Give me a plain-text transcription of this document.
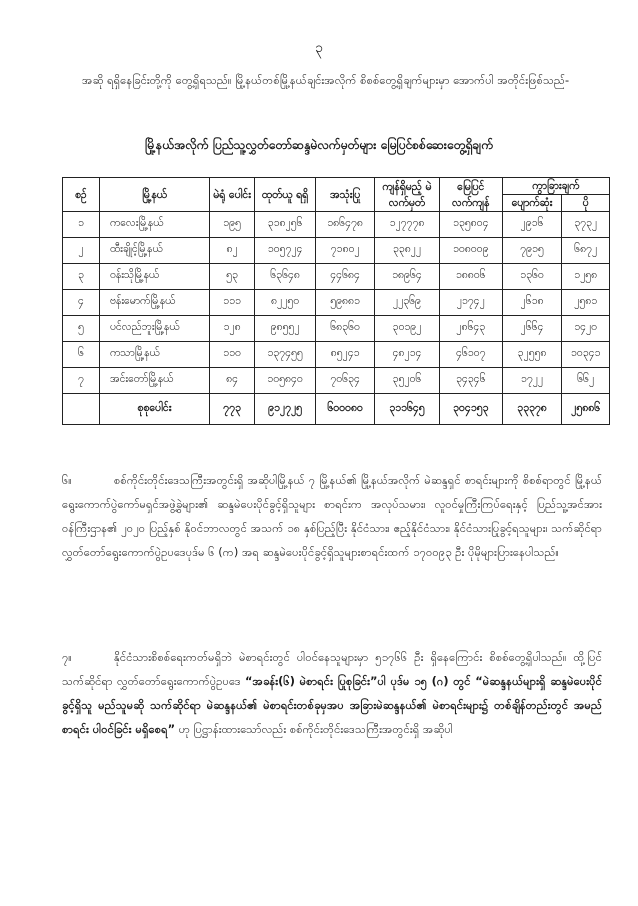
၃

အဆို ရရှိနေခြင်းတို့ကို တွေ့ရှိရသည်။ မြို့နယ်တစ်မြို့နယ်ချင်းအလိုက် စိစစ်တွေ့ရှိချက်များမှာ အောက်ပါ အတိုင်းဖြစ်သည်-

မြို့နယ်အလိုက် ပြည်သူ့လွှတ်တော်ဆန္ဒမဲလက်မှတ်များ မြေပြင်စစ်ဆေးတွေ့ရှိချက်
စဉ်	မြို့နယ်	မဲရုံ ပေါင်း	ထုတ်ယူ ရရှိ	အသုံးပြု	ကျန်ရှိမည့် မဲလက်မှတ်	မြေပြင် လက်ကျန်	ကွာခြားချက်	
							ပျောက်ဆုံး	ပို
၁	ကလေးမြို့နယ်	၁၉၅	၃၁၈၂၅၆	၁၈၆၄၇၈	၁၂၇၇၇၈	၁၃၅၈၀၄	၂၉၁၆	၃၇၃၂
၂	ထီးချိုင့်မြို့နယ်	၈၂	၁၀၅၇၂၄	၇၁၈၀၂	၃၃၈၂၂	၁၀၈၀၀၉	၇၉၁၅	၆၈၇၂
၃	ဝန်းသိုမြို့နယ်	၅၃	၆၃၆၄၈	၄၄၆၈၄	၁၈၉၆၄	၁၈၈၀၆	၁၃၆၀	၁၂၅၈
၄	ဗန်းမောက်မြို့နယ်	၁၁၁	၈၂၂၅၀	၅၉၈၈၁	၂၂၃၆၉	၂၁၇၄၂	၂၆၁၈	၂၅၈၁
၅	ပင်လည်ဘူးမြို့နယ်	၁၂၈	၉၈၅၅၂	၆၈၃၆၀	၃၀၁၉၂	၂၈၆၄၃	၂၆၆၄	၁၄၂၀
၆	ကသာမြို့နယ်	၁၁၀	၁၃၇၄၅၅	၈၅၂၄၁	၄၈၂၁၄	၄၆၁၀၇	၃၂၅၅၈	၁၀၃၄၁
၇	အင်းတော်မြို့နယ်	၈၄	၁၀၅၈၄၀	၇၀၆၃၄	၃၅၂၀၆	၃၄၃၄၆	၁၇၂၂	၆၆၂
	စုစုပေါင်း	၇၇၃	၉၁၂၇၂၅	၆၀၀၀၈၀	၃၁၁၆၄၅	၃၀၄၁၅၃	၃၃၃၇၈	၂၅၈၈၆

၆။	စစ်ကိုင်းတိုင်းဒေသကြီးအတွင်းရှိ အဆိုပါမြို့နယ် ၇ မြို့နယ်၏ မြို့နယ်အလိုက် မဲဆန္ဒရှင် စာရင်းများကို စိစစ်ရာတွင် မြို့နယ်ရွေးကောက်ပွဲကော်မရှင်အဖွဲ့ခွဲများ၏ ဆန္ဒမဲပေးပိုင်ခွင့်ရှိသူများ စာရင်းက အလုပ်သမား၊ လူဝင်မှုကြီးကြပ်ရေးနှင့် ပြည်သူ့အင်အားဝန်ကြီးဌာန၏ ၂၀၂၀ ပြည့်နှစ် နိုဝင်ဘာလတွင် အသက် ၁၈ နှစ်ပြည့်ပြီး နိုင်ငံသား၊ ဧည့်နိုင်ငံသား၊ နိုင်ငံသားပြုခွင့်ရသူများ၊ သက်ဆိုင်ရာ လွှတ်တော်ရွေးကောက်ပွဲဥပဒေပုဒ်မ ၆ (က) အရ ဆန္ဒမဲပေးပိုင်ခွင့်ရှိသူများစာရင်းထက် ၁၇၀၀၉၃ ဦး ပိုမိုများပြားနေပါသည်။

၇။	နိုင်ငံသားစိစစ်ရေးကတ်မရှိဘဲ မဲစာရင်းတွင် ပါဝင်နေသူများမှာ ၅၁၇၆၆ ဦး ရှိနေကြောင်း စိစစ်တွေ့ရှိပါသည်။ ထို့ပြင် သက်ဆိုင်ရာ လွှတ်တော်ရွေးကောက်ပွဲဥပဒေ “အခန်း(၆) မဲစာရင်း ပြုစုခြင်း”ပါ ပုဒ်မ ၁၅ (ဂ) တွင် “မဲဆန္ဒနယ်များရှိ ဆန္ဒမဲပေးပိုင်ခွင့်ရှိသူ မည်သူမဆို သက်ဆိုင်ရာ မဲဆန္ဒနယ်၏ မဲစာရင်းတစ်ခုမှအပ အခြားမဲဆန္ဒနယ်၏ မဲစာရင်းများ၌ တစ်ချိန်တည်းတွင် အမည် စာရင်း ပါဝင်ခြင်း မရှိစေရ” ဟု ပြဋ္ဌာန်းထားသော်လည်း စစ်ကိုင်းတိုင်းဒေသကြီးအတွင်းရှိ အဆိုပါ
